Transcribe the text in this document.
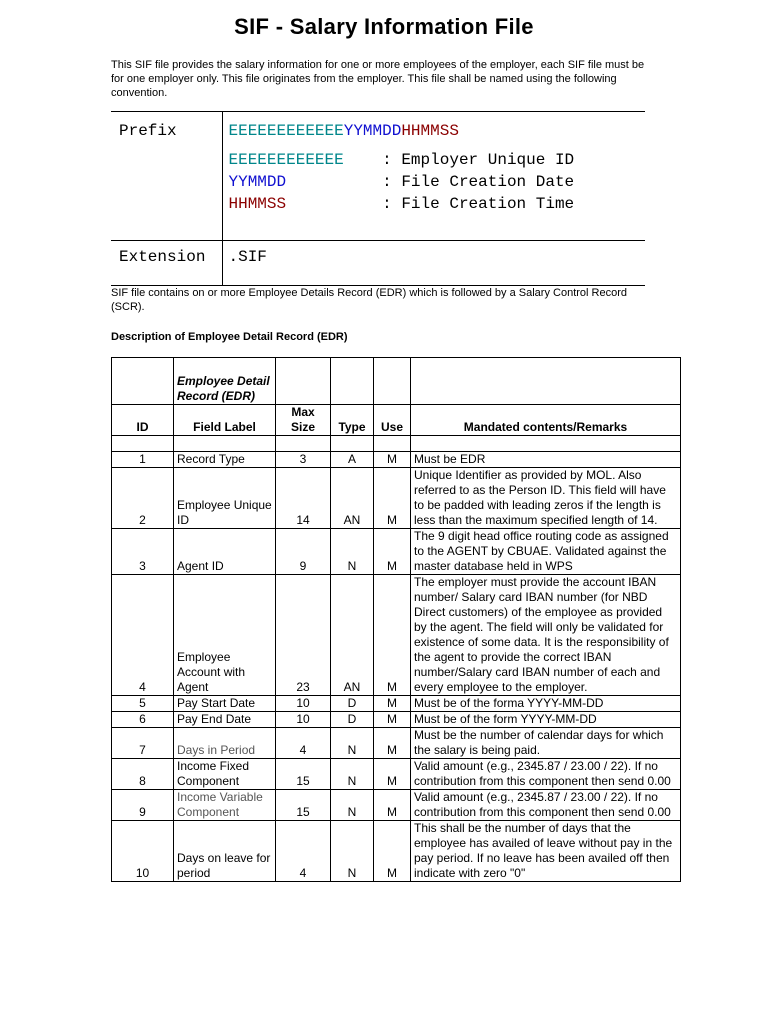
SIF - Salary Information File
This SIF file provides the salary information for one or more employees of the employer, each SIF file must be for one employer only. This file originates from the employer. This file shall be named using the following convention.
Prefix	EEEEEEEEEEEEYYMMDDHHMMSS
EEEEEEEEEEEE : Employer Unique ID
YYMMDD : File Creation Date
HHMMSS : File Creation Time

Extension	.SIF
SIF file contains on or more Employee Details Record (EDR) which is followed by a Salary Control Record (SCR).
Description of Employee Detail Record (EDR)
	Employee Detail Record (EDR)				
ID	Field Label	Max Size	Type	Use	Mandated contents/Remarks

1	Record Type	3	A	M	Must be EDR
2	Employee Unique ID	14	AN	M	Unique Identifier as provided by MOL. Also referred to as the Person ID. This field will have to be padded with leading zeros if the length is less than the maximum specified length of 14.
3	Agent ID	9	N	M	The 9 digit head office routing code as assigned to the AGENT by CBUAE. Validated against the master database held in WPS
4	Employee Account with Agent	23	AN	M	The employer must provide the account IBAN number/ Salary card IBAN number (for NBD Direct customers) of the employee as provided by the agent. The field will only be validated for existence of some data. It is the responsibility of the agent to provide the correct IBAN number/Salary card IBAN number of each and every employee to the employer.
5	Pay Start Date	10	D	M	Must be of the forma YYYY-MM-DD
6	Pay End Date	10	D	M	Must be of the form YYYY-MM-DD
7	Days in Period	4	N	M	Must be the number of calendar days for which the salary is being paid.
8	Income Fixed Component	15	N	M	Valid amount (e.g., 2345.87 / 23.00 / 22). If no contribution from this component then send 0.00
9	Income Variable Component	15	N	M	Valid amount (e.g., 2345.87 / 23.00 / 22). If no contribution from this component then send 0.00
10	Days on leave for period	4	N	M	This shall be the number of days that the employee has availed of leave without pay in the pay period. If no leave has been availed off then indicate with zero "0"
